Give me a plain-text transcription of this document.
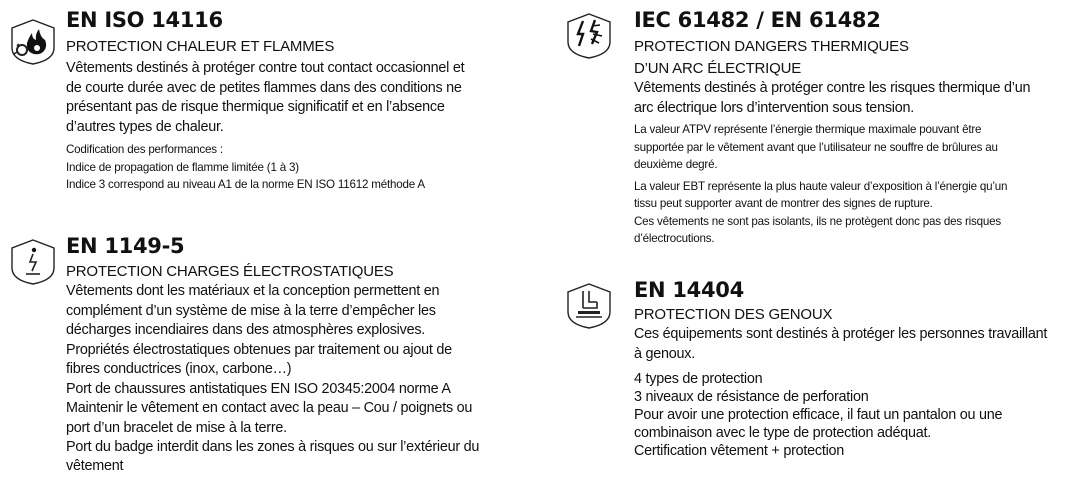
EN ISO 14116
PROTECTION CHALEUR ET FLAMMES

Vêtements destinés à protéger contre tout contact occasionnel et

de courte durée avec de petites flammes dans des conditions ne

présentant pas de risque thermique significatif et en l’absence

d’autres types de chaleur.

Codification des performances :

Indice de propagation de flamme limitée (1 à 3)

Indice 3 correspond au niveau A1 de la norme EN ISO 11612 méthode A

EN 1149-5
PROTECTION CHARGES ÉLECTROSTATIQUES

Vêtements dont les matériaux et la conception permettent en

complément d’un système de mise à la terre d’empêcher les

décharges incendiaires dans des atmosphères explosives.

Propriétés électrostatiques obtenues par traitement ou ajout de

fibres conductrices (inox, carbone…)

Port de chaussures antistatiques EN ISO 20345:2004 norme A

Maintenir le vêtement en contact avec la peau – Cou / poignets ou

port d’un bracelet de mise à la terre.

Port du badge interdit dans les zones à risques ou sur l’extérieur du

vêtement

IEC 61482 / EN 61482
PROTECTION DANGERS THERMIQUES
D’UN ARC ÉLECTRIQUE

Vêtements destinés à protéger contre les risques thermique d’un

arc électrique lors d’intervention sous tension.

La valeur ATPV représente l’énergie thermique maximale pouvant être

supportée par le vêtement avant que l’utilisateur ne souffre de brûlures au

deuxième degré.

La valeur EBT représente la plus haute valeur d’exposition à l’énergie qu’un

tissu peut supporter avant de montrer des signes de rupture.

Ces vêtements ne sont pas isolants, ils ne protègent donc pas des risques

d’électrocutions.

EN 14404
PROTECTION DES GENOUX

Ces équipements sont destinés à protéger les personnes travaillant

à genoux.

4 types de protection

3 niveaux de résistance de perforation

Pour avoir une protection efficace, il faut un pantalon ou une

combinaison avec le type de protection adéquat.

Certification vêtement + protection
